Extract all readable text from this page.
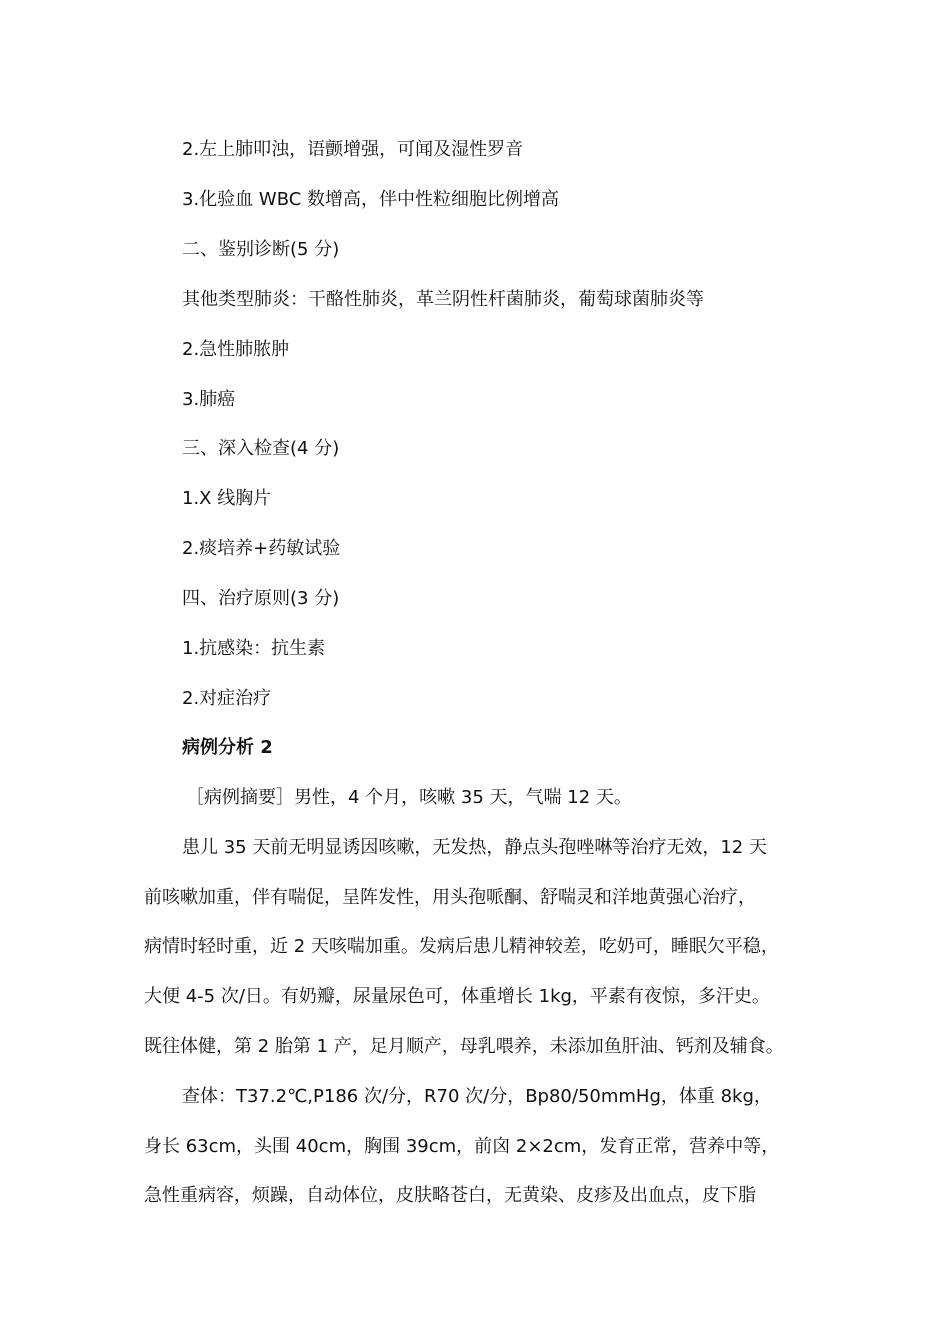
2.左上肺叩浊，语颤增强，可闻及湿性罗音
3.化验血 WBC 数增高，伴中性粒细胞比例增高
二、鉴别诊断(5 分)
其他类型肺炎：干酪性肺炎，革兰阴性杆菌肺炎，葡萄球菌肺炎等
2.急性肺脓肿
3.肺癌
三、深入检查(4 分)
1.X 线胸片
2.痰培养+药敏试验
四、治疗原则(3 分)
1.抗感染：抗生素
2.对症治疗
病例分析 2
［病例摘要］男性，4 个月，咳嗽 35 天，气喘 12 天。
患儿 35 天前无明显诱因咳嗽，无发热，静点头孢唑啉等治疗无效，12 天
前咳嗽加重，伴有喘促，呈阵发性，用头孢哌酮、舒喘灵和洋地黄强心治疗，
病情时轻时重，近 2 天咳喘加重。发病后患儿精神较差，吃奶可，睡眠欠平稳，
大便 4-5 次/日。有奶瓣，尿量尿色可，体重增长 1kg，平素有夜惊，多汗史。
既往体健，第 2 胎第 1 产，足月顺产，母乳喂养，未添加鱼肝油、钙剂及辅食。
查体：T37.2℃,P186 次/分，R70 次/分，Bp80/50mmHg，体重 8kg，
身长 63cm，头围 40cm，胸围 39cm，前囟 2×2cm，发育正常，营养中等，
急性重病容，烦躁，自动体位，皮肤略苍白，无黄染、皮疹及出血点，皮下脂
